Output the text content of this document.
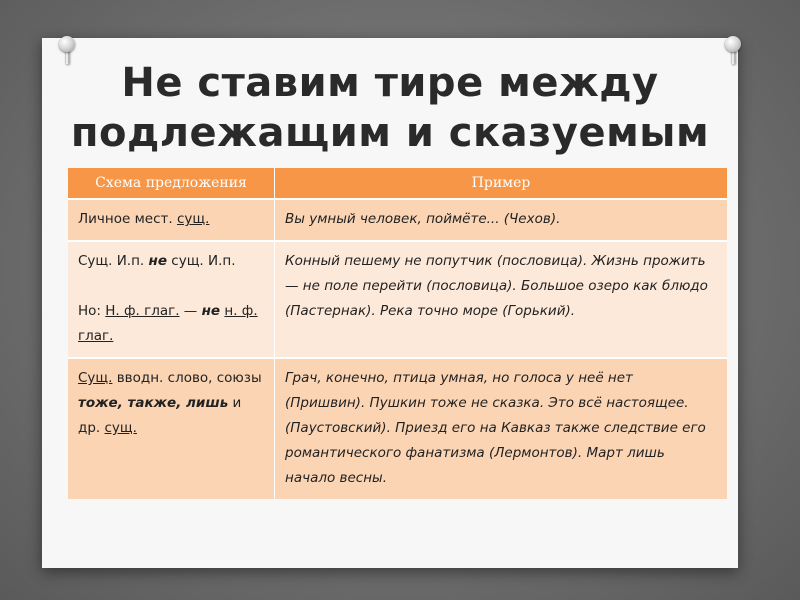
Не ставим тире между
подлежащим и сказуемым
Схема предложения	Пример
Личное мест. сущ.	Вы умный человек, поймёте... (Чехов).
Сущ. И.п. не сущ. И.п.
Но: Н. ф. глаг. — не н. ф. глаг.	Конный пешему не попутчик (пословица). Жизнь прожить — не поле перейти (пословица). Большое озеро как блюдо (Пастернак). Река точно море (Горький).
Сущ. вводн. слово, союзы тоже, также, лишь и др. сущ.	Грач, конечно, птица умная, но голоса у неё нет (Пришвин). Пушкин тоже не сказка. Это всё настоящее. (Паустовский). Приезд его на Кавказ также следствие его романтического фанатизма (Лермонтов). Март лишь начало весны.
